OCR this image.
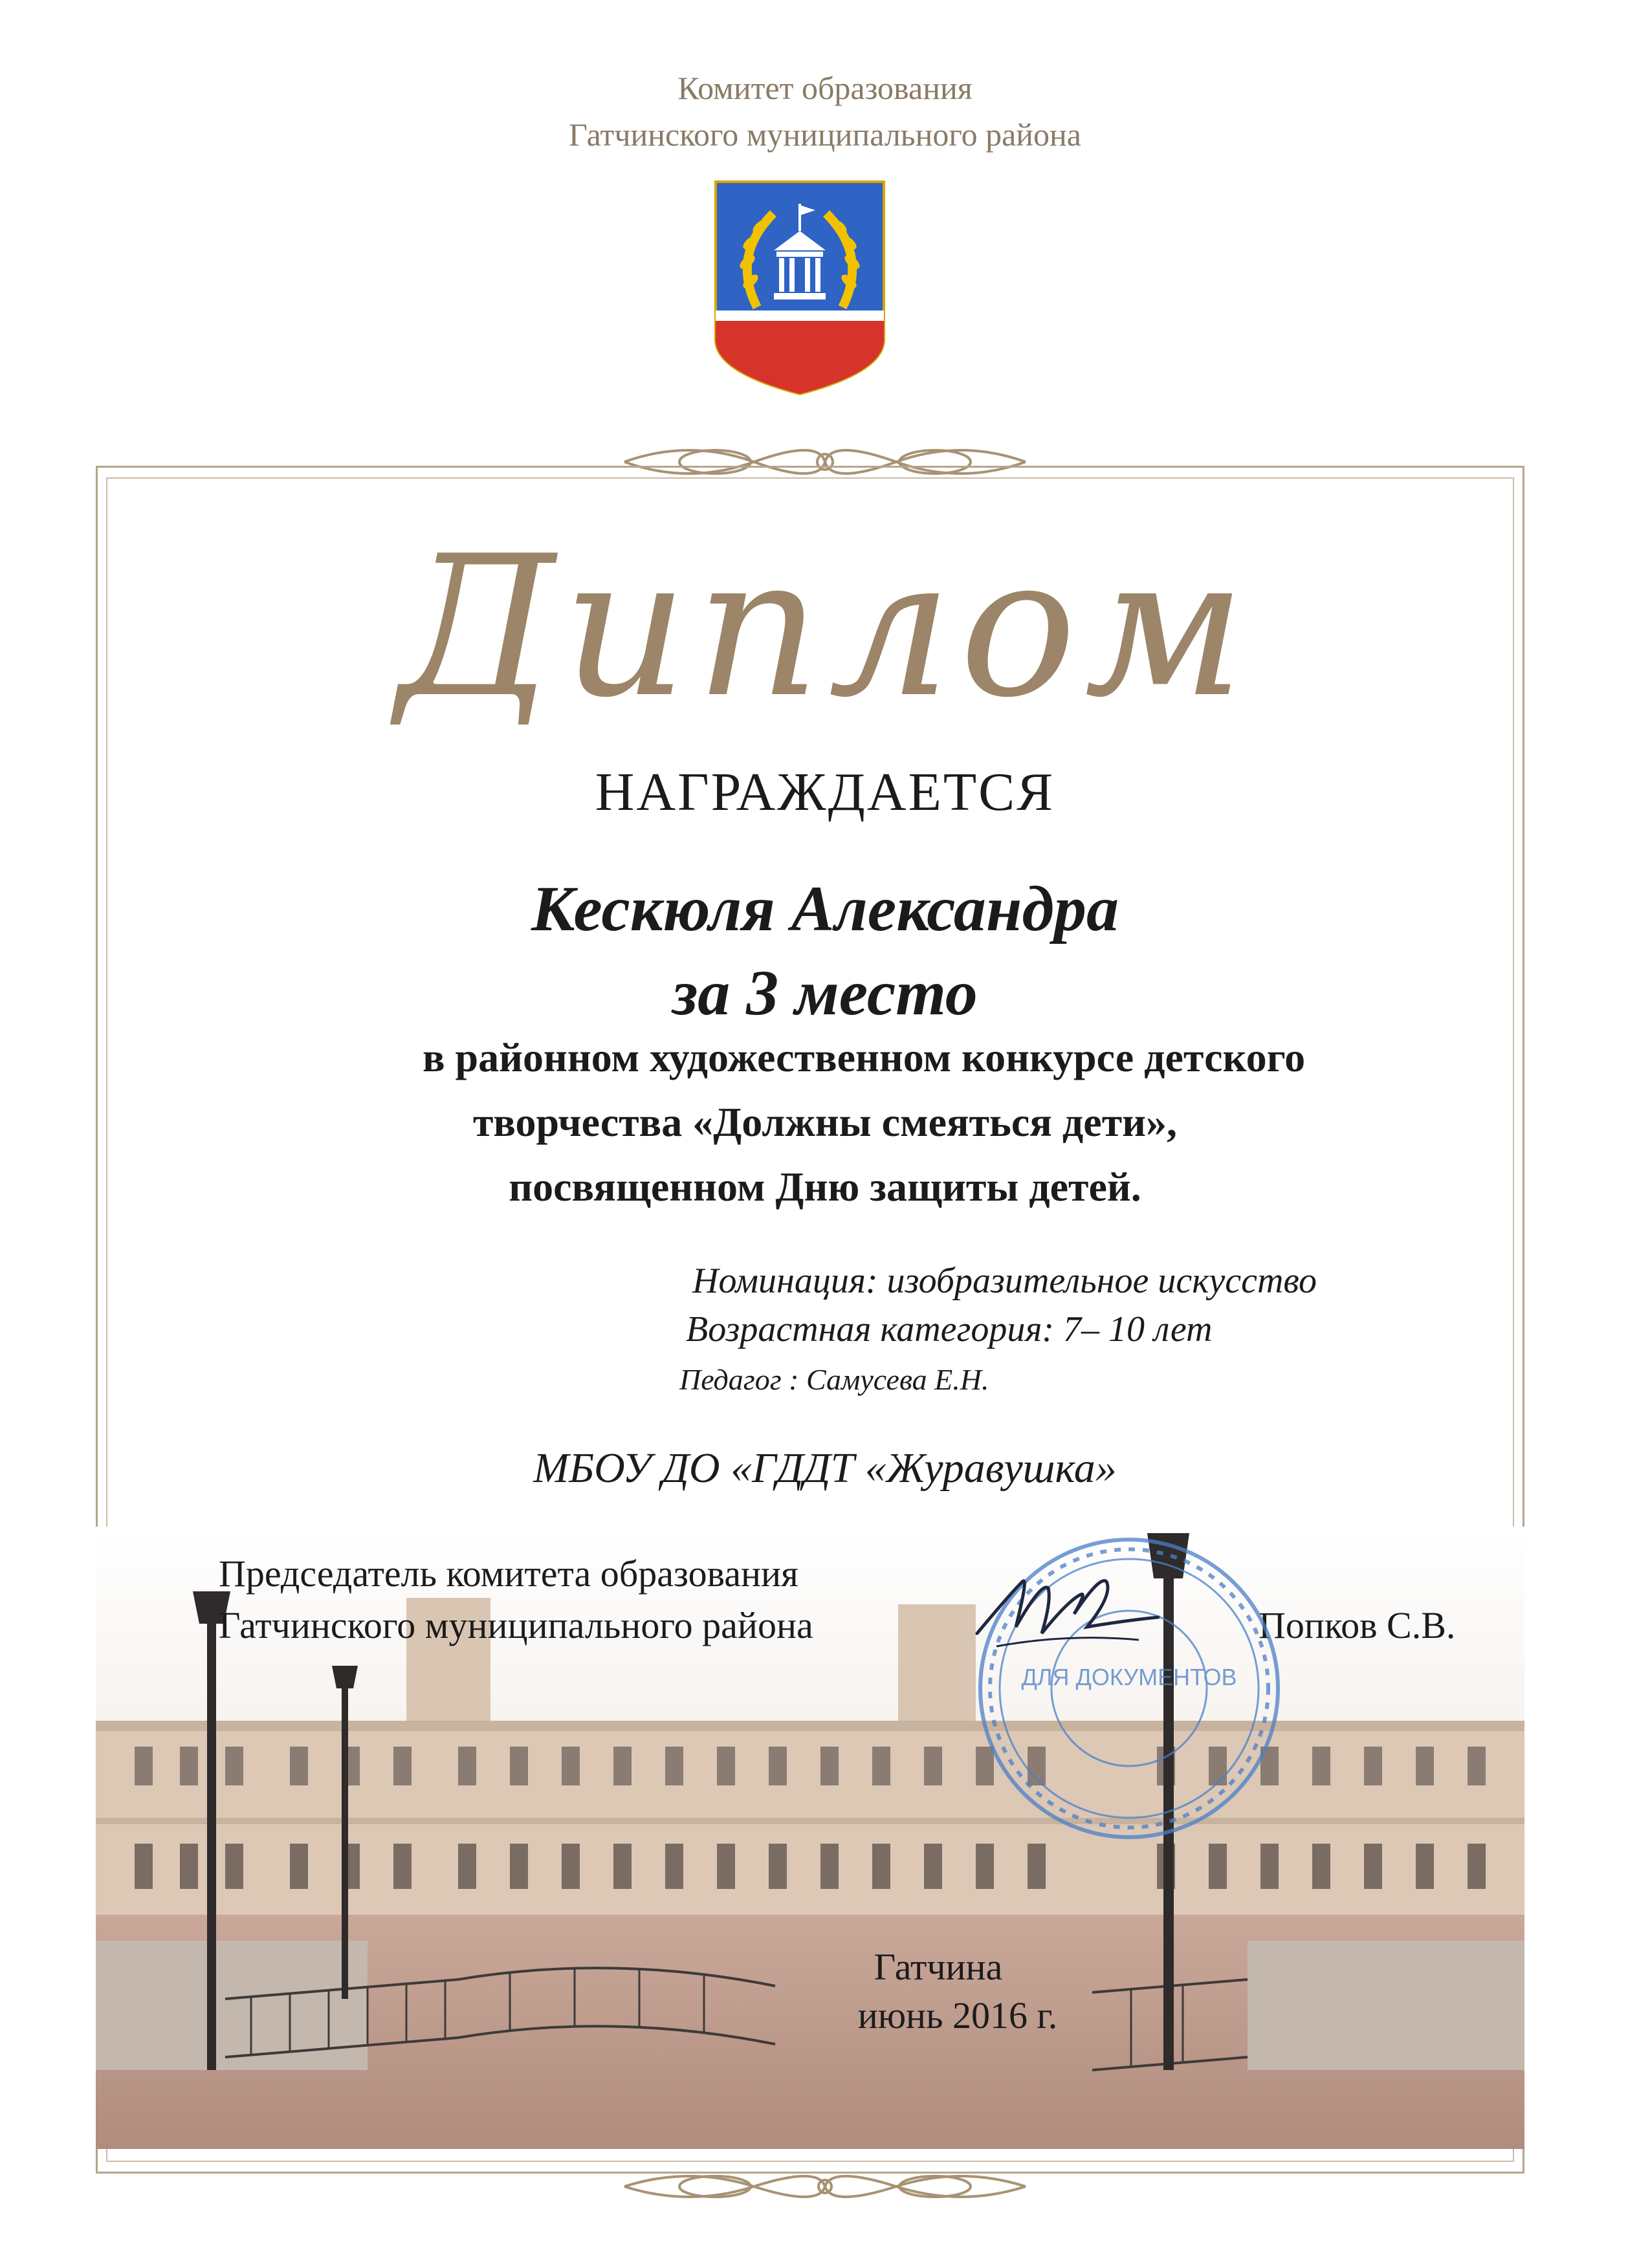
Комитет образования
Гатчинского муниципального района
Диплом
НАГРАЖДАЕТСЯ
Кескюля Александра
за 3 место
в районном художественном конкурсе детского
творчества «Должны смеяться дети»,
посвященном Дню защиты детей.
Номинация: изобразительное искусство
Возрастная категория: 7– 10 лет
Педагог : Самусева Е.Н.
МБОУ ДО «ГДДТ «Журавушка»
Председатель комитета образования
Гатчинского муниципального района	Попков С.В.
ДЛЯ ДОКУМЕНТОВ
Гатчина
июнь 2016 г.
